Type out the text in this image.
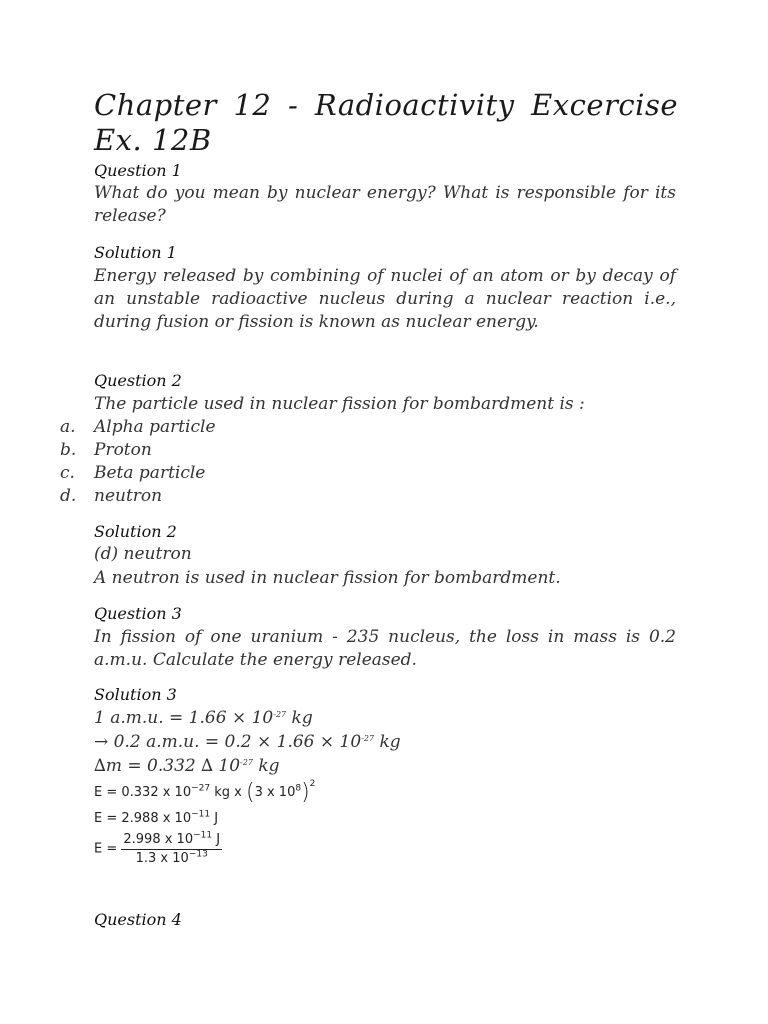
Chapter 12 - Radioactivity Excercise
Ex. 12B
Question 1
What do you mean by nuclear energy? What is responsible for its release?
Solution 1
Energy released by combining of nuclei of an atom or by decay of an unstable radioactive nucleus during a nuclear reaction i.e., during fusion or fission is known as nuclear energy.
Question 2
The particle used in nuclear fission for bombardment is :
a.	Alpha particle
b.	Proton
c.	Beta particle
d.	neutron
Solution 2
(d) neutron
A neutron is used in nuclear fission for bombardment.
Question 3
In fission of one uranium - 235 nucleus, the loss in mass is 0.2 a.m.u. Calculate the energy released.
Solution 3
1 a.m.u. = $1.66 \times 10^{-27}$ kg
→ 0.2 a.m.u. = $0.2 \times 1.66 \times 10^{-27}$ kg
∆m = 0.332 ∆ $10^{-27}$ kg
E = 0.332 x $10^{-27}$ kg x (3 x $10^8)^2$
E = 2.988 x $10^{-11}$ J
$E = \frac{2.998 x 10^{-11} J}{1.3 x 10^{-13}}$
Question 4
